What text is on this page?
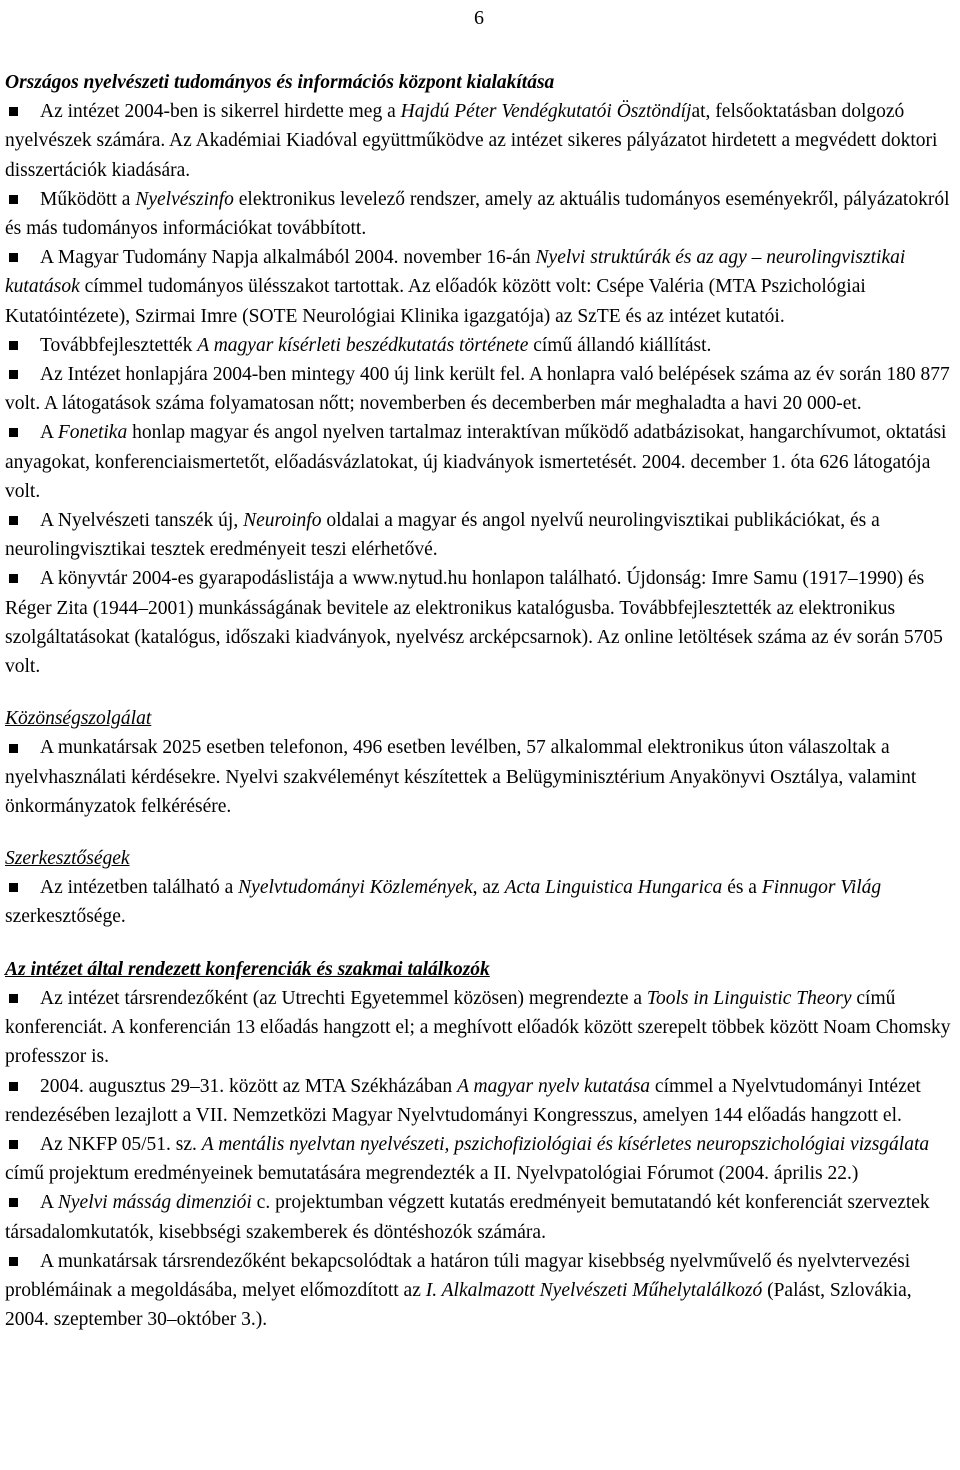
6

Országos nyelvészeti tudományos és információs központ kialakítása

Az intézet 2004-ben is sikerrel hirdette meg a Hajdú Péter Vendégkutatói Ösztöndíjat, felsőoktatásban dolgozó nyelvészek számára. Az Akadémiai Kiadóval együttműködve az intézet sikeres pályázatot hirdetett a megvédett doktori disszertációk kiadására.

Működött a Nyelvészinfo elektronikus levelező rendszer, amely az aktuális tudományos eseményekről, pályázatokról és más tudományos információkat továbbított.

A Magyar Tudomány Napja alkalmából 2004. november 16-án Nyelvi struktúrák és az agy – neurolingvisztikai kutatások címmel tudományos ülésszakot tartottak. Az előadók között volt: Csépe Valéria (MTA Pszichológiai Kutatóintézete), Szirmai Imre (SOTE Neurológiai Klinika igazgatója) az SzTE és az intézet kutatói.

Továbbfejlesztették A magyar kísérleti beszédkutatás története című állandó kiállítást.

Az Intézet honlapjára 2004-ben mintegy 400 új link került fel. A honlapra való belépések száma az év során 180 877 volt. A látogatások száma folyamatosan nőtt; novemberben és decemberben már meghaladta a havi 20 000-et.

A Fonetika honlap magyar és angol nyelven tartalmaz interaktívan működő adatbázisokat, hangarchívumot, oktatási anyagokat, konferenciaismertetőt, előadásvázlatokat, új kiadványok ismertetését. 2004. december 1. óta 626 látogatója volt.

A Nyelvészeti tanszék új, Neuroinfo oldalai a magyar és angol nyelvű neurolingvisztikai publikációkat, és a neurolingvisztikai tesztek eredményeit teszi elérhetővé.

A könyvtár 2004-es gyarapodáslistája a www.nytud.hu honlapon található. Újdonság: Imre Samu (1917–1990) és Réger Zita (1944–2001) munkásságának bevitele az elektronikus katalógusba. Továbbfejlesztették az elektronikus szolgáltatásokat (katalógus, időszaki kiadványok, nyelvész arcképcsarnok). Az online letöltések száma az év során 5705 volt.

Közönségszolgálat

A munkatársak 2025 esetben telefonon, 496 esetben levélben, 57 alkalommal elektronikus úton válaszoltak a nyelvhasználati kérdésekre. Nyelvi szakvéleményt készítettek a Belügyminisztérium Anyakönyvi Osztálya, valamint önkormányzatok felkérésére.

Szerkesztőségek

Az intézetben található a Nyelvtudományi Közlemények, az Acta Linguistica Hungarica és a Finnugor Világ szerkesztősége.

Az intézet által rendezett konferenciák és szakmai találkozók

Az intézet társrendezőként (az Utrechti Egyetemmel közösen) megrendezte a Tools in Linguistic Theory című konferenciát. A konferencián 13 előadás hangzott el; a meghívott előadók között szerepelt többek között Noam Chomsky professzor is.

2004. augusztus 29–31. között az MTA Székházában A magyar nyelv kutatása címmel a Nyelvtudományi Intézet rendezésében lezajlott a VII. Nemzetközi Magyar Nyelvtudományi Kongresszus, amelyen 144 előadás hangzott el.

Az NKFP 05/51. sz. A mentális nyelvtan nyelvészeti, pszichofiziológiai és kísérletes neuropszichológiai vizsgálata című projektum eredményeinek bemutatására megrendezték a II. Nyelvpatológiai Fórumot (2004. április 22.)

A Nyelvi másság dimenziói c. projektumban végzett kutatás eredményeit bemutatandó két konferenciát szerveztek társadalomkutatók, kisebbségi szakemberek és döntéshozók számára.

A munkatársak társrendezőként bekapcsolódtak a határon túli magyar kisebbség nyelvművelő és nyelvtervezési problémáinak a megoldásába, melyet előmozdított az I. Alkalmazott Nyelvészeti Műhelytalálkozó (Palást, Szlovákia, 2004. szeptember 30–október 3.).
